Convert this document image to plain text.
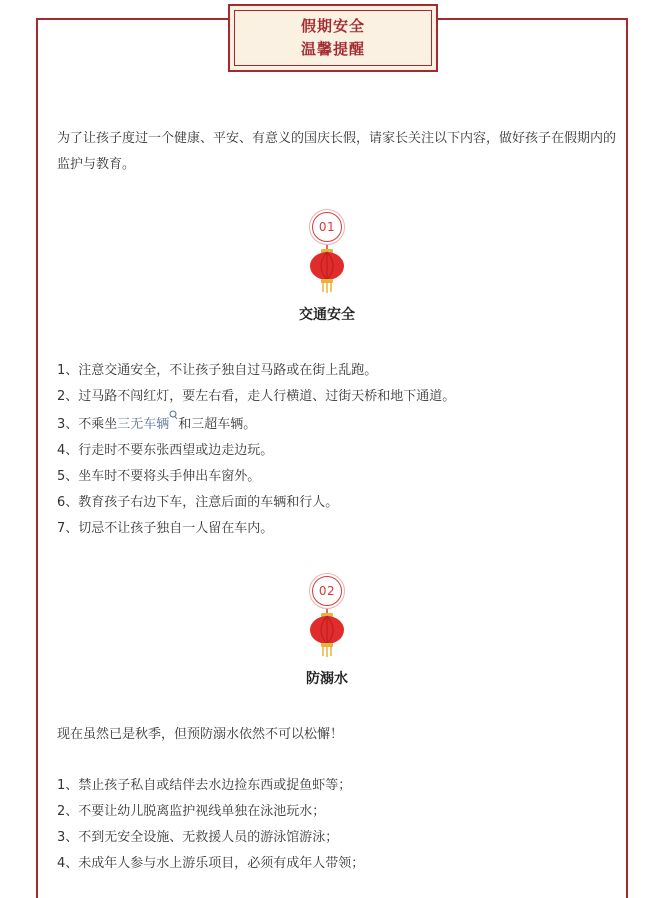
假期安全
温馨提醒

为了让孩子度过一个健康、平安、有意义的国庆长假，请家长关注以下内容，做好孩子在假期内的监护与教育。

01
交通安全
1、注意交通安全，不让孩子独自过马路或在街上乱跑。
2、过马路不闯红灯，要左右看，走人行横道、过街天桥和地下通道。
3、不乘坐三无车辆 和三超车辆。
4、行走时不要东张西望或边走边玩。
5、坐车时不要将头手伸出车窗外。
6、教育孩子右边下车，注意后面的车辆和行人。
7、切忌不让孩子独自一人留在车内。
02
防溺水

现在虽然已是秋季，但预防溺水依然不可以松懈！

1、禁止孩子私自或结伴去水边捡东西或捉鱼虾等；
2、不要让幼儿脱离监护视线单独在泳池玩水；
3、不到无安全设施、无救援人员的游泳馆游泳；
4、未成年人参与水上游乐项目，必须有成年人带领；
